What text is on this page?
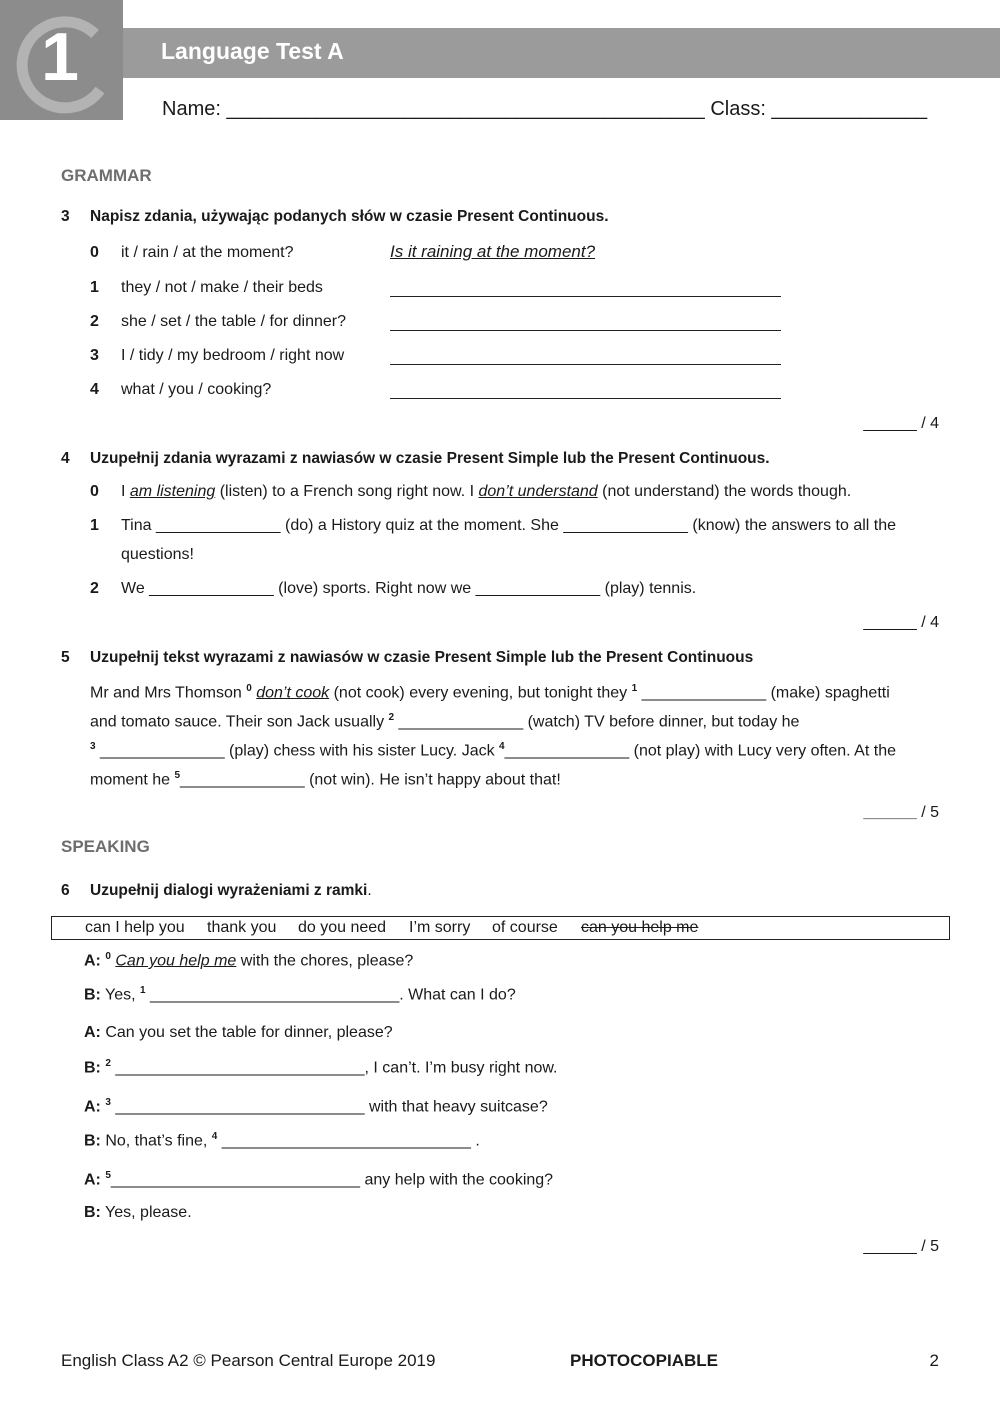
1	Language Test A
Name: ___________________________________________ Class: ______________
GRAMMAR
3 Napisz zdania, używając podanych słów w czasie Present Continuous.
0 it / rain / at the moment?	Is it raining at the moment?
1 they / not / make / their beds
2 she / set / the table / for dinner?
3 I / tidy / my bedroom / right now
4 what / you / cooking?
______ / 4
4 Uzupełnij zdania wyrazami z nawiasów w czasie Present Simple lub the Present Continuous.
0 I am listening (listen) to a French song right now. I don’t understand (not understand) the words though.
1 Tina ______________ (do) a History quiz at the moment. She ______________ (know) the answers to all the
questions!
2 We ______________ (love) sports. Right now we ______________ (play) tennis.
______ / 4
5 Uzupełnij tekst wyrazami z nawiasów w czasie Present Simple lub the Present Continuous
Mr and Mrs Thomson $^0$ don’t cook (not cook) every evening, but tonight they $^1$ ______________ (make) spaghetti
and tomato sauce. Their son Jack usually $^2$ ______________ (watch) TV before dinner, but today he
$^3$ ______________ (play) chess with his sister Lucy. Jack $^4$______________ (not play) with Lucy very often. At the
moment he $^5$______________ (not win). He isn’t happy about that!
______ / 5
SPEAKING
6 Uzupełnij dialogi wyrażeniami z ramki.
can I help you thank you do you need I’m sorry of course can you help me
A: $^0$ Can you help me with the chores, please?
B: Yes, $^1$ ____________________________. What can I do?
A: Can you set the table for dinner, please?
B: $^2$ ____________________________, I can’t. I’m busy right now.
A: $^3$ ____________________________ with that heavy suitcase?
B: No, that’s fine, $^4$ ____________________________ .
A: $^5$____________________________ any help with the cooking?
B: Yes, please.
______ / 5
English Class A2 © Pearson Central Europe 2019	PHOTOCOPIABLE	2
